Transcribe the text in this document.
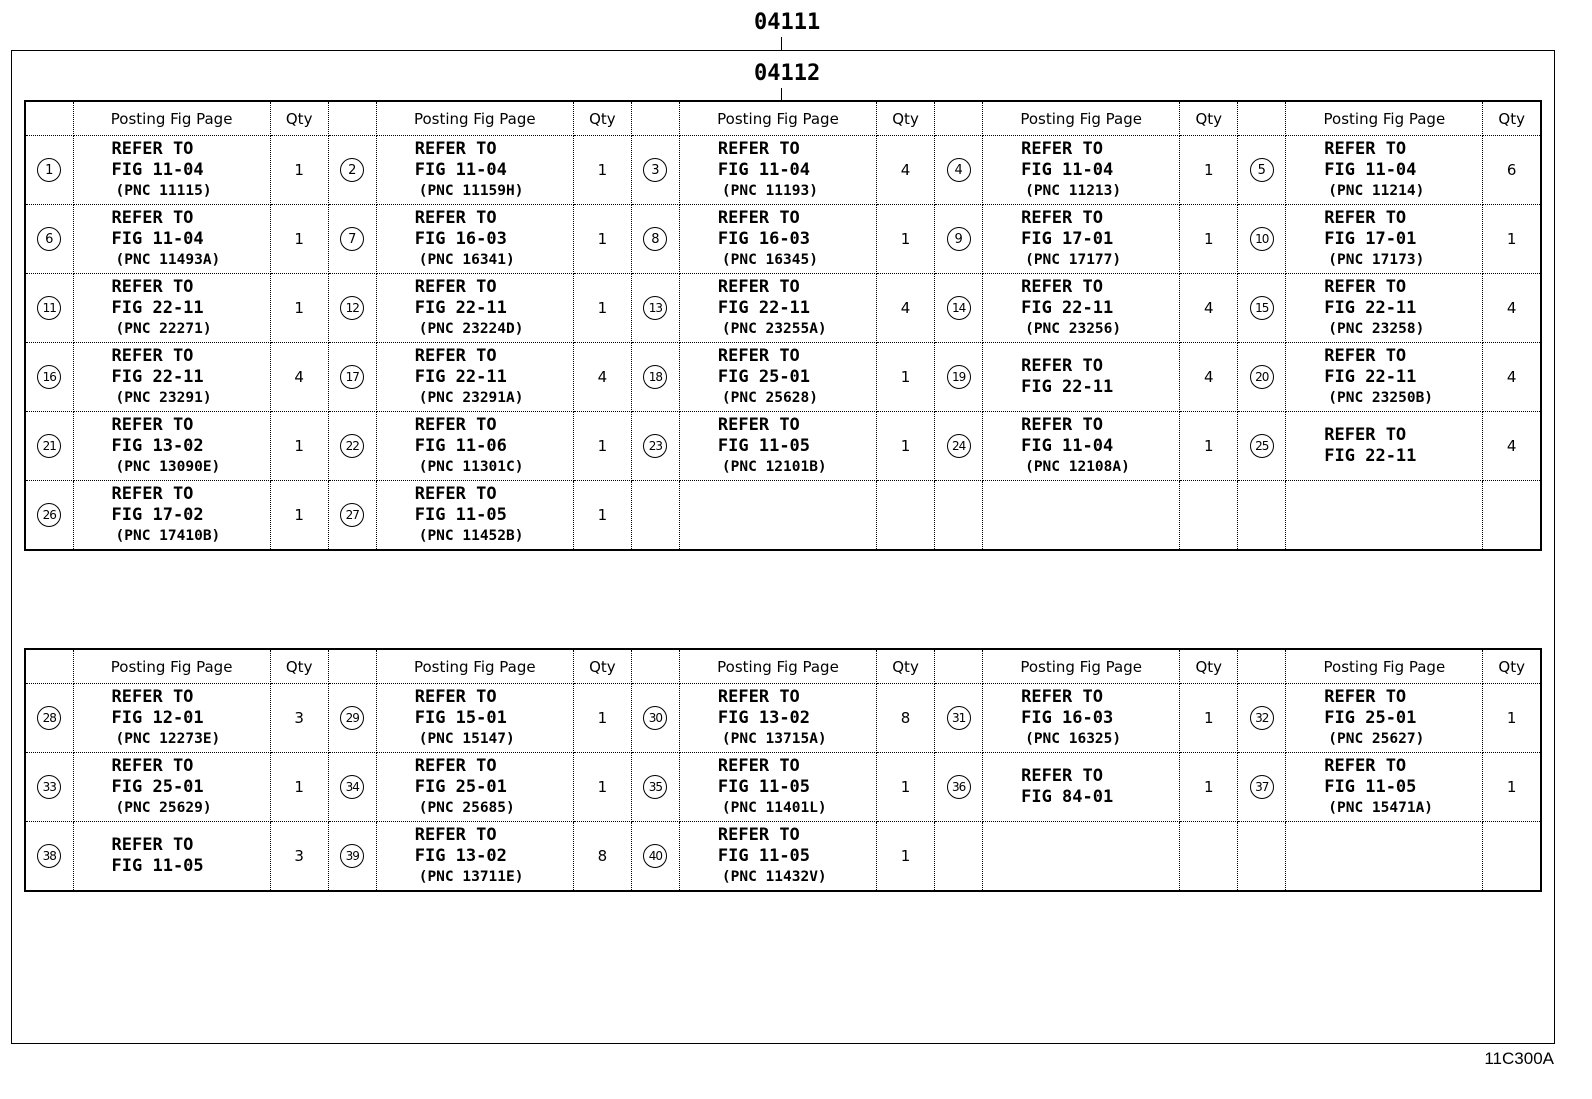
04111
04112
	Posting Fig Page	Qty		Posting Fig Page	Qty		Posting Fig Page	Qty		Posting Fig Page	Qty		Posting Fig Page	Qty
1	REFER TO
FIG 11-04
(PNC 11115)	1	2	REFER TO
FIG 11-04
(PNC 11159H)	1	3	REFER TO
FIG 11-04
(PNC 11193)	4	4	REFER TO
FIG 11-04
(PNC 11213)	1	5	REFER TO
FIG 11-04
(PNC 11214)	6
6	REFER TO
FIG 11-04
(PNC 11493A)	1	7	REFER TO
FIG 16-03
(PNC 16341)	1	8	REFER TO
FIG 16-03
(PNC 16345)	1	9	REFER TO
FIG 17-01
(PNC 17177)	1	10	REFER TO
FIG 17-01
(PNC 17173)	1
11	REFER TO
FIG 22-11
(PNC 22271)	1	12	REFER TO
FIG 22-11
(PNC 23224D)	1	13	REFER TO
FIG 22-11
(PNC 23255A)	4	14	REFER TO
FIG 22-11
(PNC 23256)	4	15	REFER TO
FIG 22-11
(PNC 23258)	4
16	REFER TO
FIG 22-11
(PNC 23291)	4	17	REFER TO
FIG 22-11
(PNC 23291A)	4	18	REFER TO
FIG 25-01
(PNC 25628)	1	19	REFER TO
FIG 22-11	4	20	REFER TO
FIG 22-11
(PNC 23250B)	4
21	REFER TO
FIG 13-02
(PNC 13090E)	1	22	REFER TO
FIG 11-06
(PNC 11301C)	1	23	REFER TO
FIG 11-05
(PNC 12101B)	1	24	REFER TO
FIG 11-04
(PNC 12108A)	1	25	REFER TO
FIG 22-11	4
26	REFER TO
FIG 17-02
(PNC 17410B)	1	27	REFER TO
FIG 11-05
(PNC 11452B)	1									
	Posting Fig Page	Qty		Posting Fig Page	Qty		Posting Fig Page	Qty		Posting Fig Page	Qty		Posting Fig Page	Qty
28	REFER TO
FIG 12-01
(PNC 12273E)	3	29	REFER TO
FIG 15-01
(PNC 15147)	1	30	REFER TO
FIG 13-02
(PNC 13715A)	8	31	REFER TO
FIG 16-03
(PNC 16325)	1	32	REFER TO
FIG 25-01
(PNC 25627)	1
33	REFER TO
FIG 25-01
(PNC 25629)	1	34	REFER TO
FIG 25-01
(PNC 25685)	1	35	REFER TO
FIG 11-05
(PNC 11401L)	1	36	REFER TO
FIG 84-01	1	37	REFER TO
FIG 11-05
(PNC 15471A)	1
38	REFER TO
FIG 11-05	3	39	REFER TO
FIG 13-02
(PNC 13711E)	8	40	REFER TO
FIG 11-05
(PNC 11432V)	1						
11C300A
